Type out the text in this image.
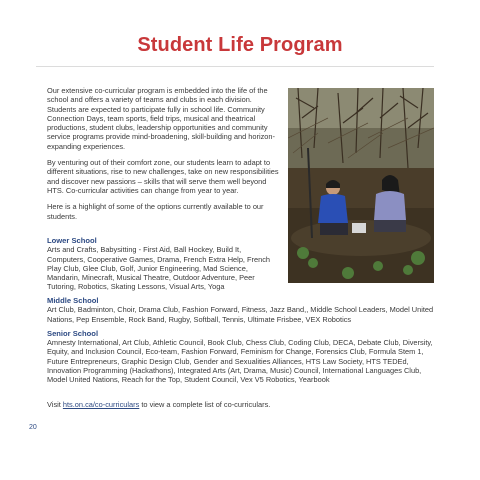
Student Life Program

Our extensive co-curricular program is embedded into the life of the school and offers a variety of teams and clubs in each division. Students are expected to participate fully in school life. Community Connection Days, team sports, field trips, musical and theatrical productions, student clubs, leadership opportunities and community service programs provide mind-broadening, skill-building and horizon-expanding experiences.

By venturing out of their comfort zone, our students learn to adapt to different situations, rise to new challenges, take on new responsibilities and discover new passions – skills that will serve them well beyond HTS. Co-curricular activities can change from year to year.

Here is a highlight of some of the options currently available to our students.

Lower School
Arts and Crafts, Babysitting - First Aid, Ball Hockey, Build It, Computers, Cooperative Games, Drama, French Extra Help, French Play Club, Glee Club, Golf, Junior Engineering, Mad Science, Mandarin, Minecraft, Musical Theatre, Outdoor Adventure, Peer Tutoring, Robotics, Skating Lessons, Visual Arts, Yoga
Middle School
Art Club, Badminton, Choir, Drama Club, Fashion Forward, Fitness, Jazz Band,, Middle School Leaders, Model United Nations, Pep Ensemble, Rock Band, Rugby, Softball, Tennis, Ultimate Frisbee, VEX Robotics
Senior School
Amnesty International, Art Club, Athletic Council, Book Club, Chess Club, Coding Club, DECA, Debate Club, Diversity, Equity, and Inclusion Council, Eco-team, Fashion Forward, Feminism for Change, Forensics Club, Formula Stem 1, Future Entrepreneurs, Graphic Design Club, Gender and Sexualities Alliances, HTS Law Society, HTS TEDEd, Innovation Programming (Hackathons), Integrated Arts (Art, Drama, Music) Council, International Languages Club, Model United Nations, Reach for the Top, Student Council, Vex V5 Robotics, Yearbook
Visit hts.on.ca/co-curriculars to view a complete list of co-curriculars.
20
